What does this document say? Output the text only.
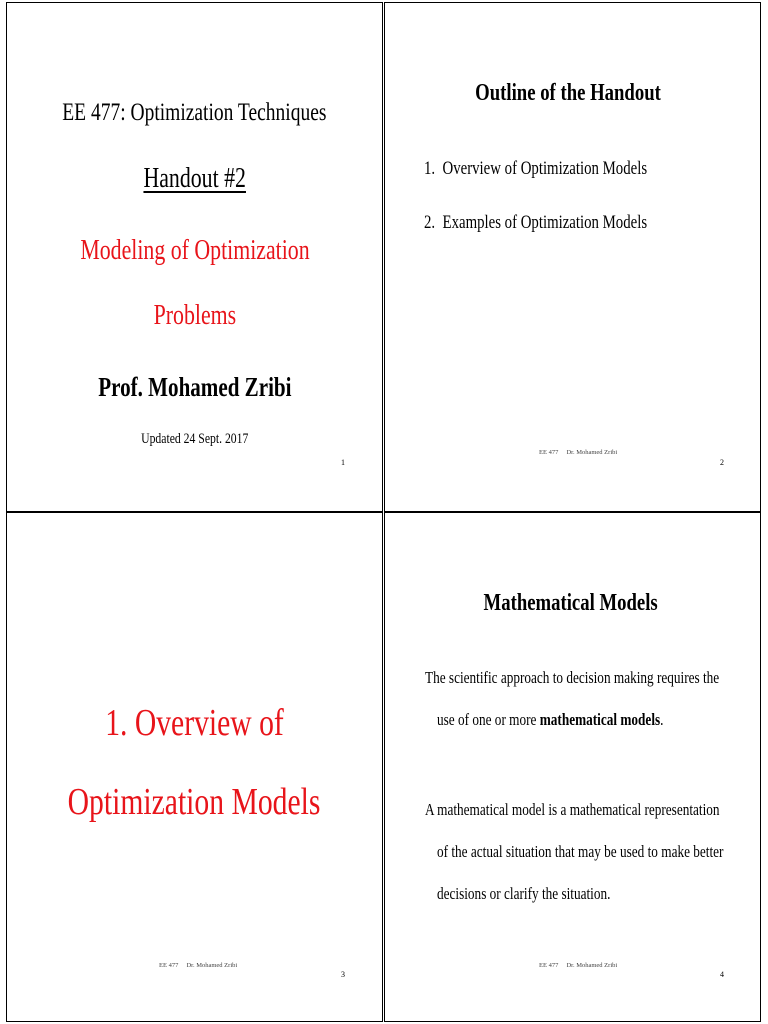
EE 477: Optimization Techniques
Handout #2
Modeling of Optimization
Problems
Prof. Mohamed Zribi
Updated 24 Sept. 2017
1
Outline of the Handout
1. Overview of Optimization Models
2. Examples of Optimization Models
EE 477 Dr. Mohamed Zribi
2
1. Overview of
Optimization Models
EE 477 Dr. Mohamed Zribi
3
Mathematical Models
The scientific approach to decision making requires the
use of one or more mathematical models.
A mathematical model is a mathematical representation
of the actual situation that may be used to make better
decisions or clarify the situation.
EE 477 Dr. Mohamed Zribi
4
